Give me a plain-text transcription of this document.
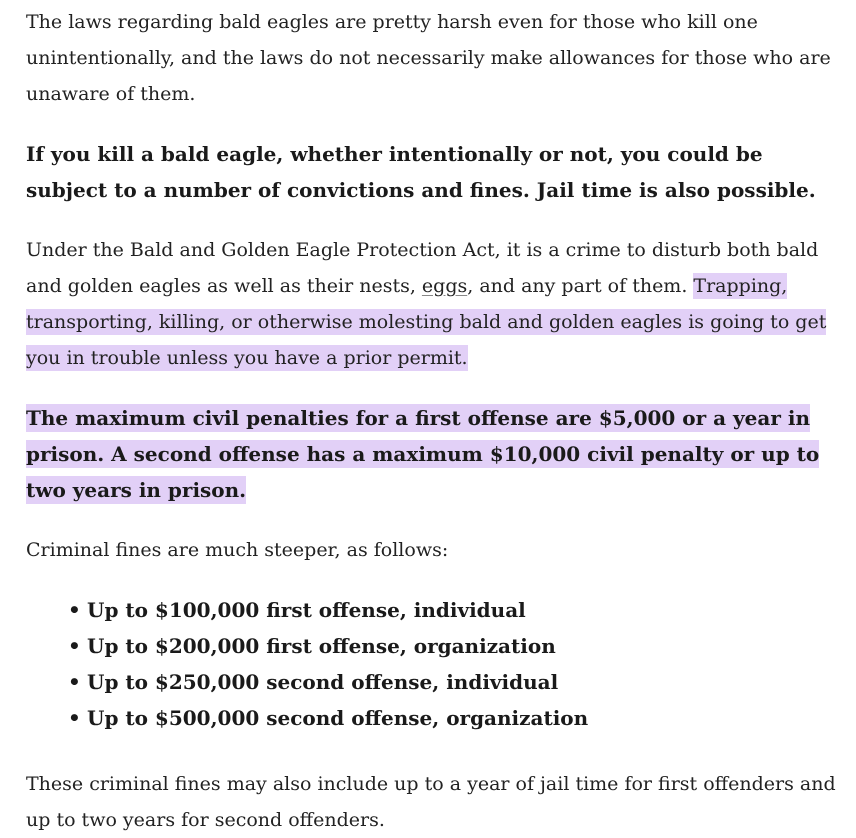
The laws regarding bald eagles are pretty harsh even for those who kill one unintentionally, and the laws do not necessarily make allowances for those who are unaware of them.

If you kill a bald eagle, whether intentionally or not, you could be subject to a number of convictions and fines. Jail time is also possible.

Under the Bald and Golden Eagle Protection Act, it is a crime to disturb both bald and golden eagles as well as their nests, eggs, and any part of them. Trapping, transporting, killing, or otherwise molesting bald and golden eagles is going to get you in trouble unless you have a prior permit.

The maximum civil penalties for a first offense are $5,000 or a year in prison. A second offense has a maximum $10,000 civil penalty or up to two years in prison.

Criminal fines are much steeper, as follows:

• Up to $100,000 first offense, individual
• Up to $200,000 first offense, organization
• Up to $250,000 second offense, individual
• Up to $500,000 second offense, organization

These criminal fines may also include up to a year of jail time for first offenders and up to two years for second offenders.
